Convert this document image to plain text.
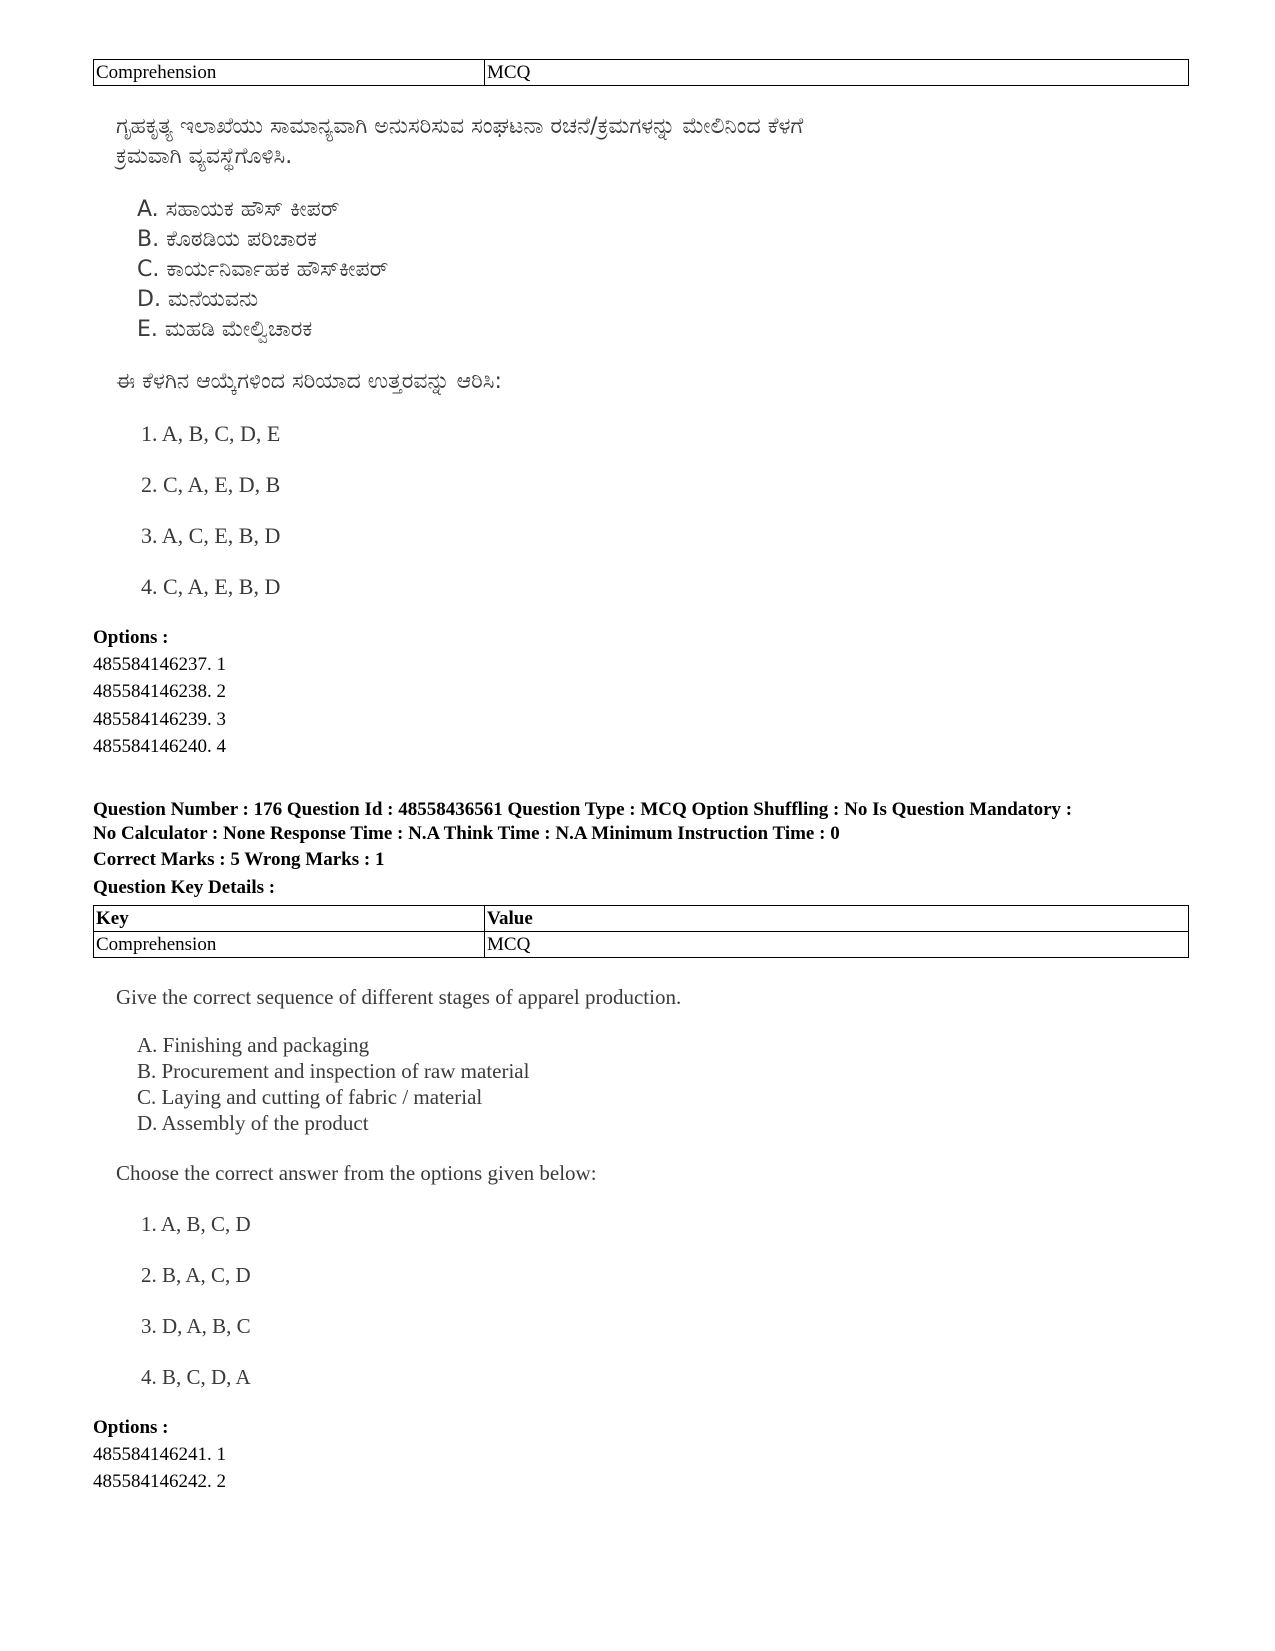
Comprehension	MCQ
ಗೃಹಕೃತ್ಯ ಇಲಾಖೆಯು ಸಾಮಾನ್ಯವಾಗಿ ಅನುಸರಿಸುವ ಸಂಘಟನಾ ರಚನೆ/ಕ್ರಮಗಳನ್ನು ಮೇಲಿನಿಂದ ಕೆಳಗೆ
ಕ್ರಮವಾಗಿ ವ್ಯವಸ್ಥೆಗೊಳಿಸಿ.
A. ಸಹಾಯಕ ಹೌಸ್ ಕೀಪರ್
B. ಕೊಠಡಿಯ ಪರಿಚಾರಕ
C. ಕಾರ್ಯನಿರ್ವಾಹಕ ಹೌಸ್‌ಕೀಪರ್
D. ಮನೆಯವನು
E. ಮಹಡಿ ಮೇಲ್ವಿಚಾರಕ
ಈ ಕೆಳಗಿನ ಆಯ್ಕೆಗಳಿಂದ ಸರಿಯಾದ ಉತ್ತರವನ್ನು ಆರಿಸಿ:
1. A, B, C, D, E
2. C, A, E, D, B
3. A, C, E, B, D
4. C, A, E, B, D
Options :
485584146237. 1
485584146238. 2
485584146239. 3
485584146240. 4
Question Number : 176 Question Id : 48558436561 Question Type : MCQ Option Shuffling : No Is Question Mandatory :
No Calculator : None Response Time : N.A Think Time : N.A Minimum Instruction Time : 0
Correct Marks : 5 Wrong Marks : 1
Question Key Details :
Key	Value
Comprehension	MCQ
Give the correct sequence of different stages of apparel production.
A. Finishing and packaging
B. Procurement and inspection of raw material
C. Laying and cutting of fabric / material
D. Assembly of the product
Choose the correct answer from the options given below:
1. A, B, C, D
2. B, A, C, D
3. D, A, B, C
4. B, C, D, A
Options :
485584146241. 1
485584146242. 2
